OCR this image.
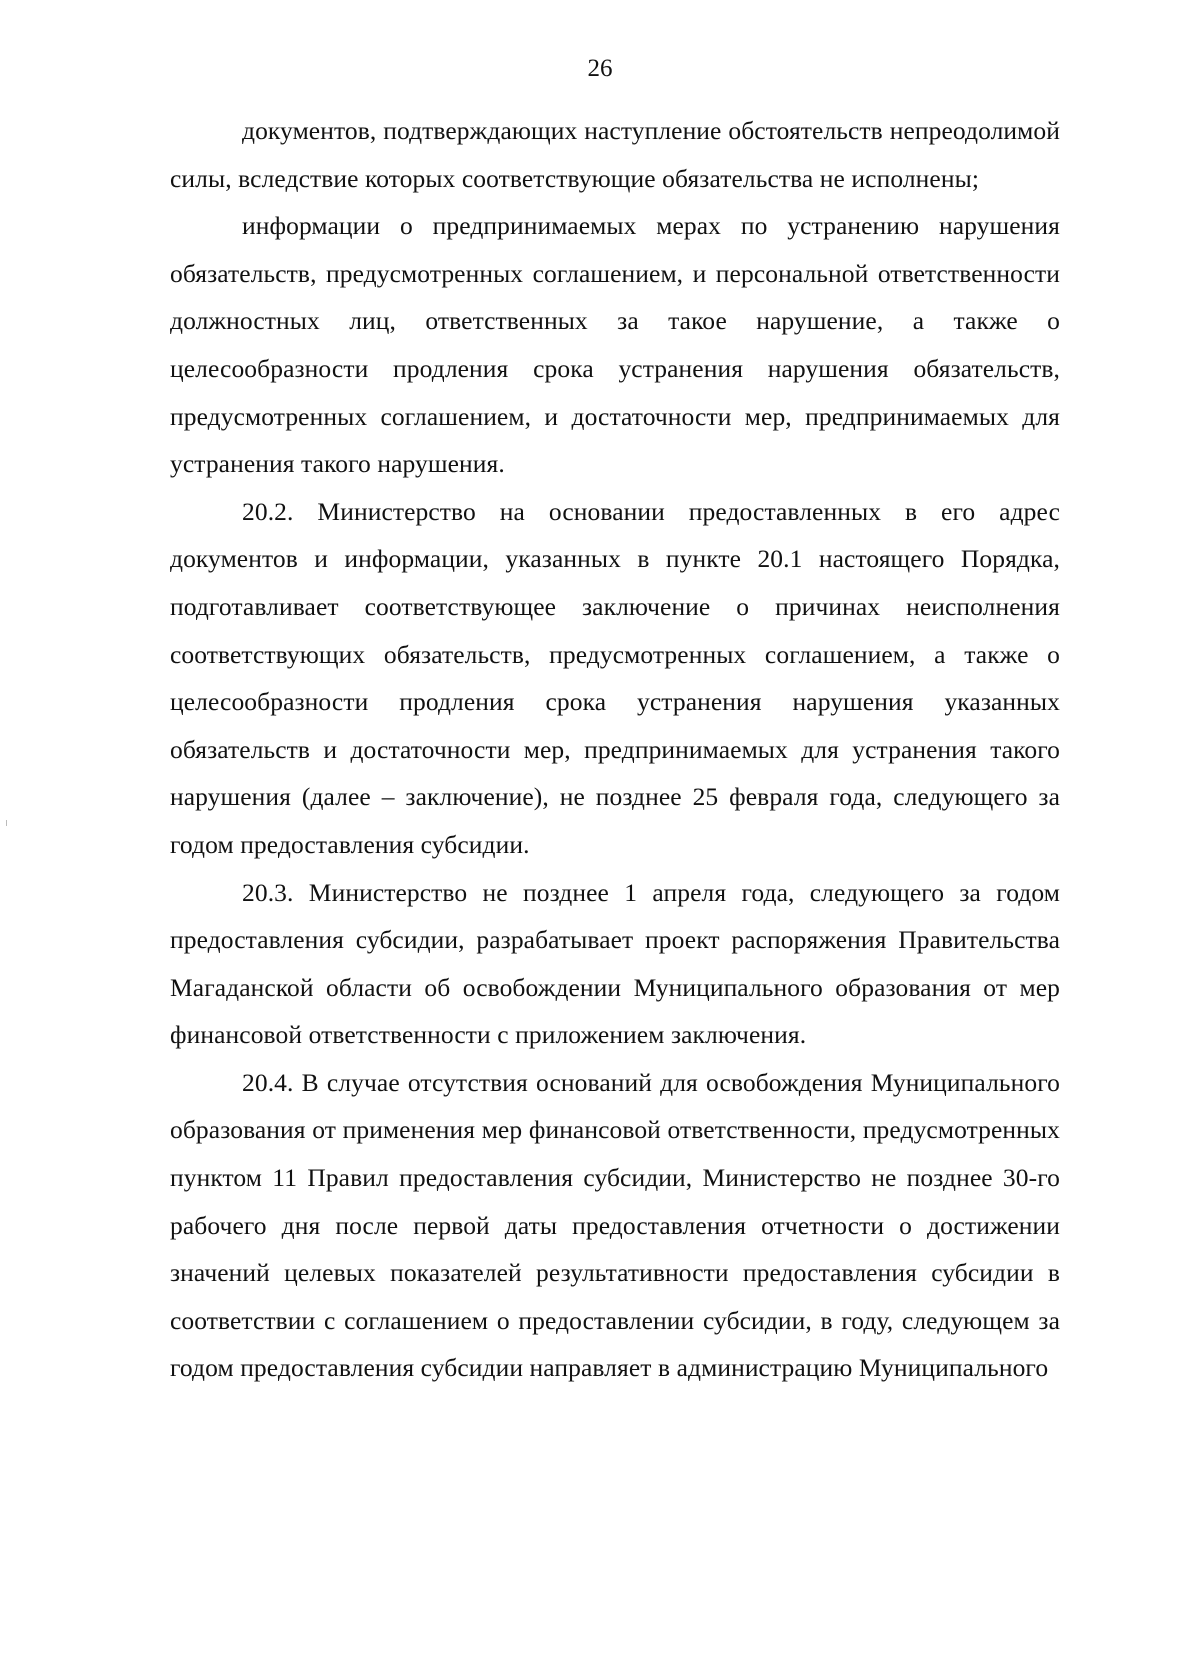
26

документов, подтверждающих наступление обстоятельств непреодолимой силы, вследствие которых соответствующие обязательства не исполнены;

информации о предпринимаемых мерах по устранению нарушения обязательств, предусмотренных соглашением, и персональной ответственности должностных лиц, ответственных за такое нарушение, а также о целесообразности продления срока устранения нарушения обязательств, предусмотренных соглашением, и достаточности мер, предпринимаемых для устранения такого нарушения.

20.2. Министерство на основании предоставленных в его адрес документов и информации, указанных в пункте 20.1 настоящего Порядка, подготавливает соответствующее заключение о причинах неисполнения соответствующих обязательств, предусмотренных соглашением, а также о целесообразности продления срока устранения нарушения указанных обязательств и достаточности мер, предпринимаемых для устранения такого нарушения (далее – заключение), не позднее 25 февраля года, следующего за годом предоставления субсидии.

20.3. Министерство не позднее 1 апреля года, следующего за годом предоставления субсидии, разрабатывает проект распоряжения Правительства Магаданской области об освобождении Муниципального образования от мер финансовой ответственности с приложением заключения.

20.4. В случае отсутствия оснований для освобождения Муниципального образования от применения мер финансовой ответственности, предусмотренных пунктом 11 Правил предоставления субсидии, Министерство не позднее 30-го рабочего дня после первой даты предоставления отчетности о достижении значений целевых показателей результативности предоставления субсидии в соответствии с соглашением о предоставлении субсидии, в году, следующем за годом предоставления субсидии направляет в администрацию Муниципального
